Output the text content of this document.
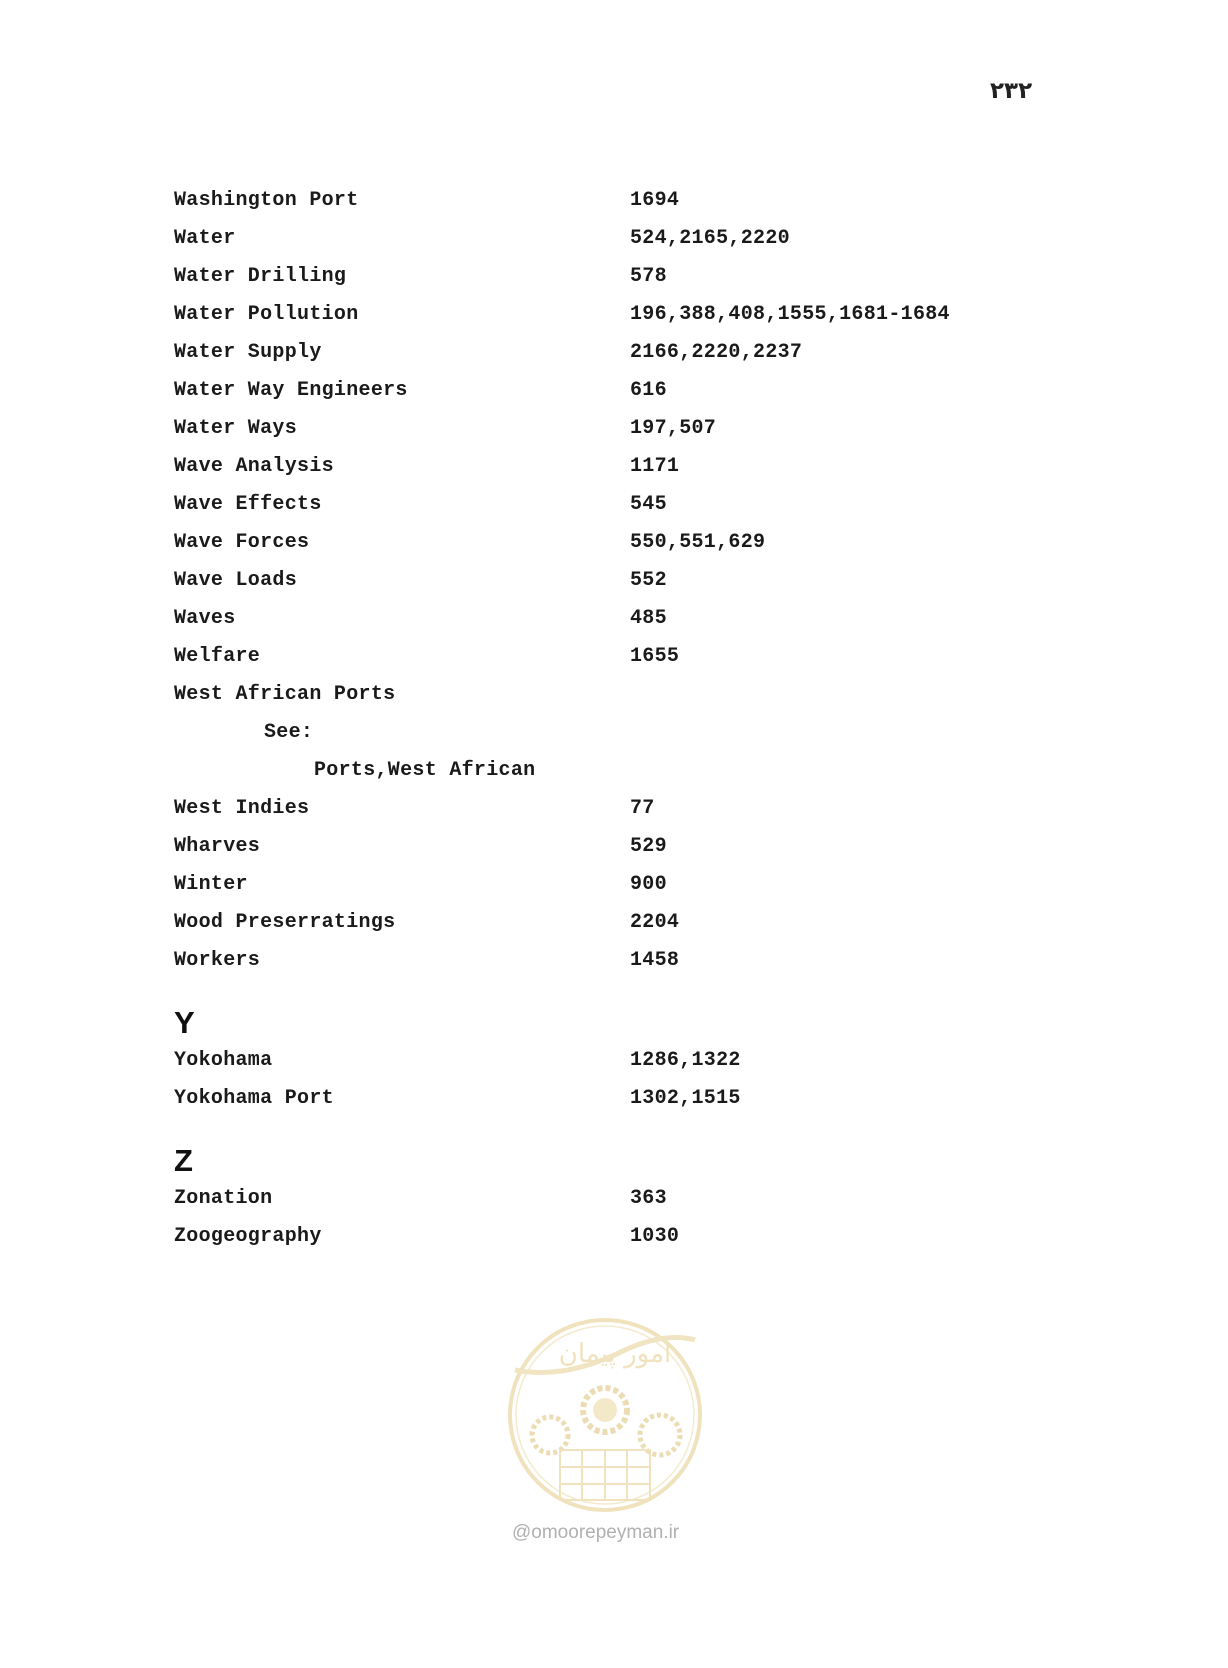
۲۳۲
Washington Port	1694
Water	524,2165,2220
Water Drilling	578
Water Pollution	196,388,408,1555,1681-1684
Water Supply	2166,2220,2237
Water Way Engineers	616
Water Ways	197,507
Wave Analysis	1171
Wave Effects	545
Wave Forces	550,551,629
Wave Loads	552
Waves	485
Welfare	1655
West African Ports
See:
Ports,West African
West Indies	77
Wharves	529
Winter	900
Wood Preserratings	2204
Workers	1458
Y
Yokohama	1286,1322
Yokohama Port	1302,1515
Z
Zonation	363
Zoogeography	1030
امور پیمان
@omoorepeyman.ir
